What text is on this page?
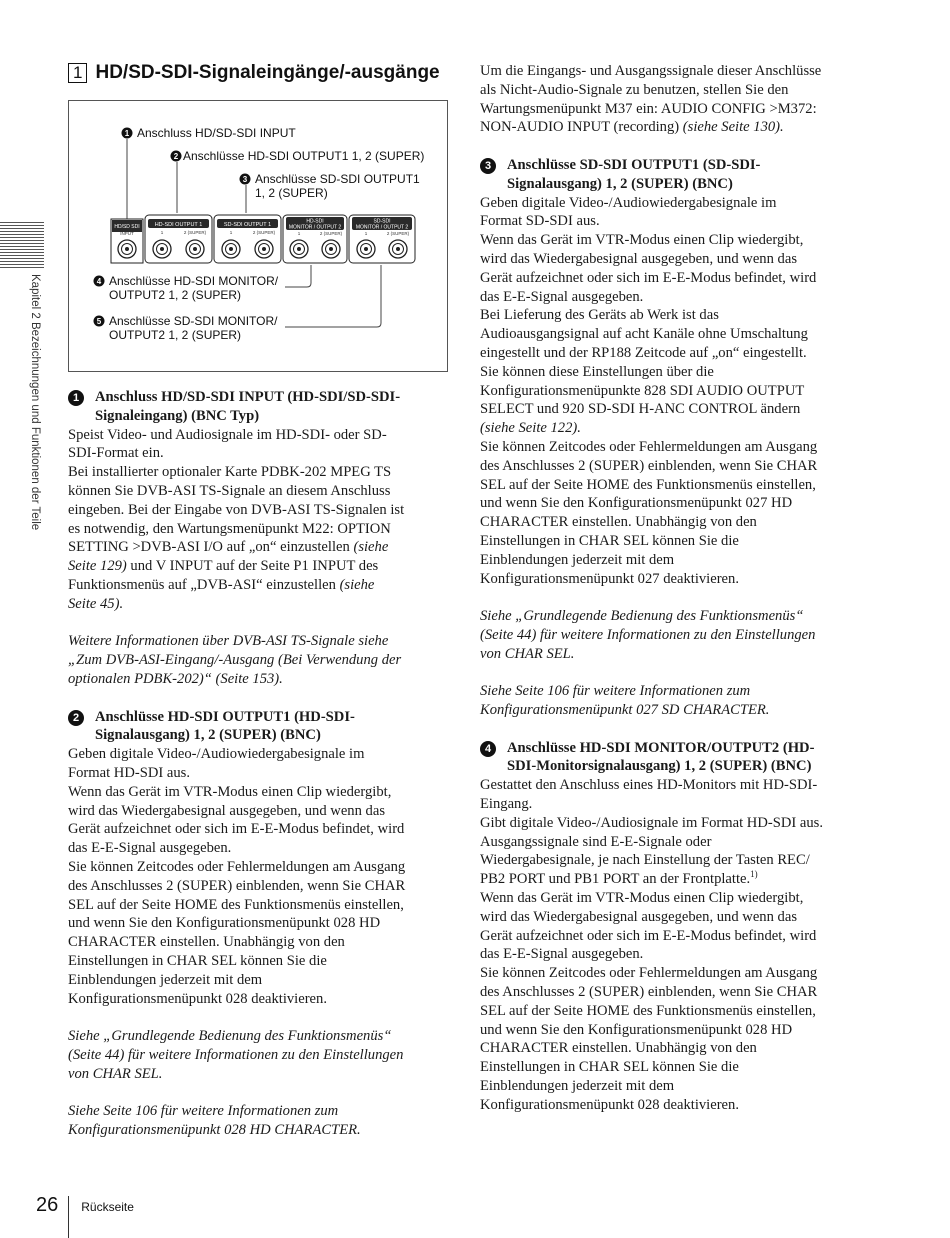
Kapitel 2 Bezeichnungen und Funktionen der Teile
1 HD/SD-SDI-Signaleingänge/-ausgänge
1 Anschluss HD/SD-SDI INPUT
2 Anschlüsse HD-SDI OUTPUT1 1, 2 (SUPER)
3 Anschlüsse SD-SDI OUTPUT1
1, 2 (SUPER)
HD/SD SDI
INPUT
HD-SDI OUTPUT 1
1	2 (SUPER)
SD-SDI OUTPUT 1
1	2 (SUPER)
HD-SDI
MONITOR / OUTPUT 2
1	2 (SUPER)
SD-SDI
MONITOR / OUTPUT 2
1	2 (SUPER)
4 Anschlüsse HD-SDI MONITOR/
OUTPUT2 1, 2 (SUPER)
5 Anschlüsse SD-SDI MONITOR/
OUTPUT2 1, 2 (SUPER)

1	Anschluss HD/SD-SDI INPUT (HD-SDI/SD-SDI-
Signaleingang) (BNC Typ)

Speist Video- und Audiosignale im HD-SDI- oder SD-
SDI-Format ein.
Bei installierter optionaler Karte PDBK-202 MPEG TS
können Sie DVB-ASI TS-Signale an diesem Anschluss
eingeben. Bei der Eingabe von DVB-ASI TS-Signalen ist
es notwendig, den Wartungsmenüpunkt M22: OPTION
SETTING >DVB-ASI I/O auf „on“ einzustellen (siehe
Seite 129) und V INPUT auf der Seite P1 INPUT des
Funktionsmenüs auf „DVB-ASI“ einzustellen (siehe
Seite 45).

Weitere Informationen über DVB-ASI TS-Signale siehe
„Zum DVB-ASI-Eingang/-Ausgang (Bei Verwendung der
optionalen PDBK-202)“ (Seite 153).

2	Anschlüsse HD-SDI OUTPUT1 (HD-SDI-
Signalausgang) 1, 2 (SUPER) (BNC)

Geben digitale Video-/Audiowiedergabesignale im
Format HD-SDI aus.
Wenn das Gerät im VTR-Modus einen Clip wiedergibt,
wird das Wiedergabesignal ausgegeben, und wenn das
Gerät aufzeichnet oder sich im E-E-Modus befindet, wird
das E-E-Signal ausgegeben.
Sie können Zeitcodes oder Fehlermeldungen am Ausgang
des Anschlusses 2 (SUPER) einblenden, wenn Sie CHAR
SEL auf der Seite HOME des Funktionsmenüs einstellen,
und wenn Sie den Konfigurationsmenüpunkt 028 HD
CHARACTER einstellen. Unabhängig von den
Einstellungen in CHAR SEL können Sie die
Einblendungen jederzeit mit dem
Konfigurationsmenüpunkt 028 deaktivieren.

Siehe „Grundlegende Bedienung des Funktionsmenüs“
(Seite 44) für weitere Informationen zu den Einstellungen
von CHAR SEL.

Siehe Seite 106 für weitere Informationen zum
Konfigurationsmenüpunkt 028 HD CHARACTER.

Um die Eingangs- und Ausgangssignale dieser Anschlüsse
als Nicht-Audio-Signale zu benutzen, stellen Sie den
Wartungsmenüpunkt M37 ein: AUDIO CONFIG >M372:
NON-AUDIO INPUT (recording) (siehe Seite 130).

3	Anschlüsse SD-SDI OUTPUT1 (SD-SDI-
Signalausgang) 1, 2 (SUPER) (BNC)

Geben digitale Video-/Audiowiedergabesignale im
Format SD-SDI aus.
Wenn das Gerät im VTR-Modus einen Clip wiedergibt,
wird das Wiedergabesignal ausgegeben, und wenn das
Gerät aufzeichnet oder sich im E-E-Modus befindet, wird
das E-E-Signal ausgegeben.
Bei Lieferung des Geräts ab Werk ist das
Audioausgangsignal auf acht Kanäle ohne Umschaltung
eingestellt und der RP188 Zeitcode auf „on“ eingestellt.
Sie können diese Einstellungen über die
Konfigurationsmenüpunkte 828 SDI AUDIO OUTPUT
SELECT und 920 SD-SDI H-ANC CONTROL ändern
(siehe Seite 122).
Sie können Zeitcodes oder Fehlermeldungen am Ausgang
des Anschlusses 2 (SUPER) einblenden, wenn Sie CHAR
SEL auf der Seite HOME des Funktionsmenüs einstellen,
und wenn Sie den Konfigurationsmenüpunkt 027 HD
CHARACTER einstellen. Unabhängig von den
Einstellungen in CHAR SEL können Sie die
Einblendungen jederzeit mit dem
Konfigurationsmenüpunkt 027 deaktivieren.

Siehe „Grundlegende Bedienung des Funktionsmenüs“
(Seite 44) für weitere Informationen zu den Einstellungen
von CHAR SEL.

Siehe Seite 106 für weitere Informationen zum
Konfigurationsmenüpunkt 027 SD CHARACTER.

4	Anschlüsse HD-SDI MONITOR/OUTPUT2 (HD-
SDI-Monitorsignalausgang) 1, 2 (SUPER) (BNC)

Gestattet den Anschluss eines HD-Monitors mit HD-SDI-
Eingang.
Gibt digitale Video-/Audiosignale im Format HD-SDI aus.
Ausgangssignale sind E-E-Signale oder
Wiedergabesignale, je nach Einstellung der Tasten REC/
PB2 PORT und PB1 PORT an der Frontplatte.$^{1)}$
Wenn das Gerät im VTR-Modus einen Clip wiedergibt,
wird das Wiedergabesignal ausgegeben, und wenn das
Gerät aufzeichnet oder sich im E-E-Modus befindet, wird
das E-E-Signal ausgegeben.
Sie können Zeitcodes oder Fehlermeldungen am Ausgang
des Anschlusses 2 (SUPER) einblenden, wenn Sie CHAR
SEL auf der Seite HOME des Funktionsmenüs einstellen,
und wenn Sie den Konfigurationsmenüpunkt 028 HD
CHARACTER einstellen. Unabhängig von den
Einstellungen in CHAR SEL können Sie die
Einblendungen jederzeit mit dem
Konfigurationsmenüpunkt 028 deaktivieren.

26 Rückseite
